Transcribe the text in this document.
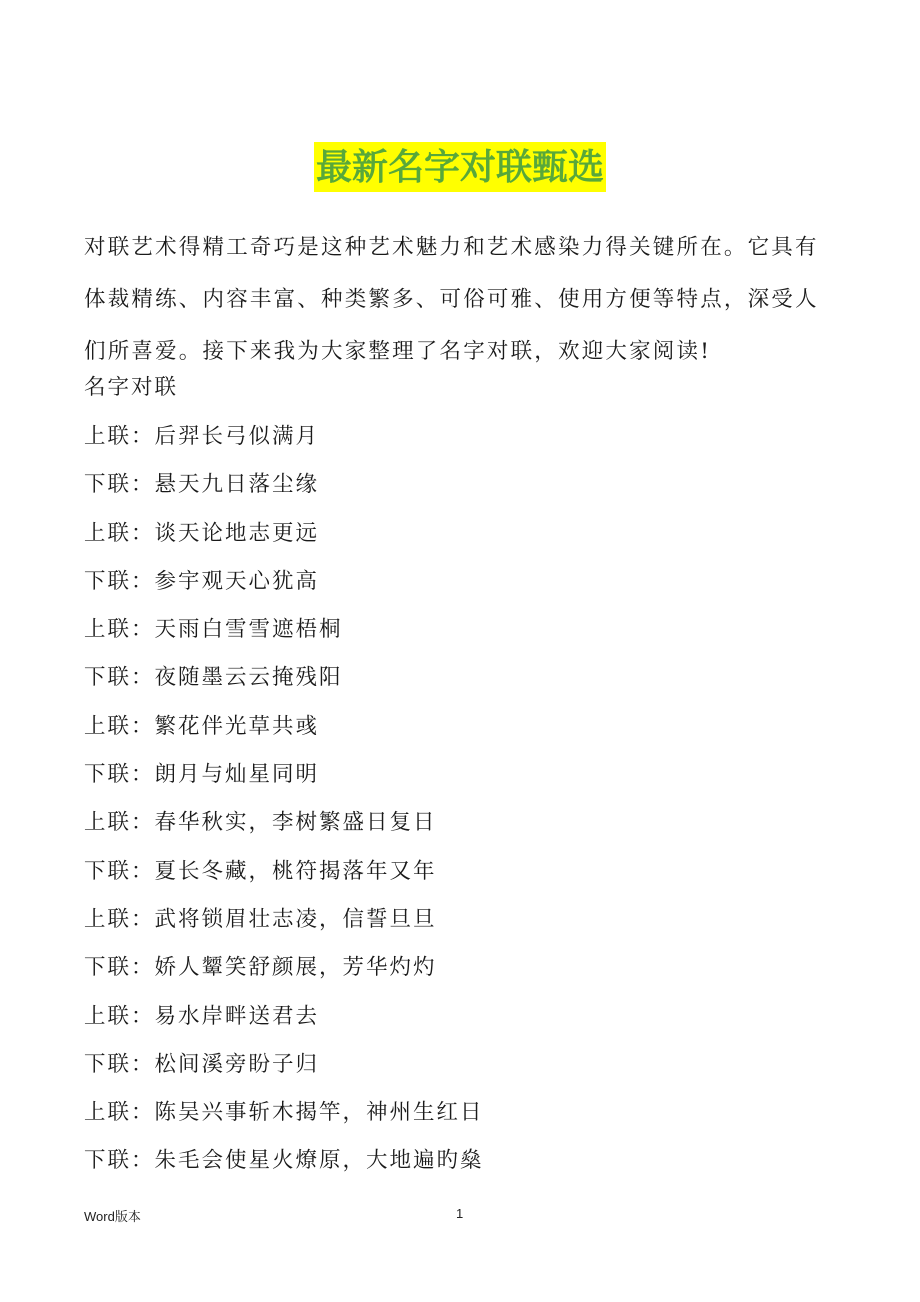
最新名字对联甄选

对联艺术得精工奇巧是这种艺术魅力和艺术感染力得关键所在。它具有体裁精练、内容丰富、种类繁多、可俗可雅、使用方便等特点，深受人们所喜爱。接下来我为大家整理了名字对联，欢迎大家阅读!

名字对联

上联：后羿长弓似满月
下联：悬天九日落尘缘
上联：谈天论地志更远
下联：参宇观天心犹高
上联：天雨白雪雪遮梧桐
下联：夜随墨云云掩残阳
上联：繁花伴光草共彧
下联：朗月与灿星同明
上联：春华秋实，李树繁盛日复日
下联：夏长冬藏，桃符揭落年又年
上联：武将锁眉壮志凌，信誓旦旦
下联：娇人颦笑舒颜展，芳华灼灼
上联：易水岸畔送君去
下联：松间溪旁盼子归
上联：陈吴兴事斩木揭竿，神州生红日
下联：朱毛会使星火燎原，大地遍旳燊
Word版本	1
